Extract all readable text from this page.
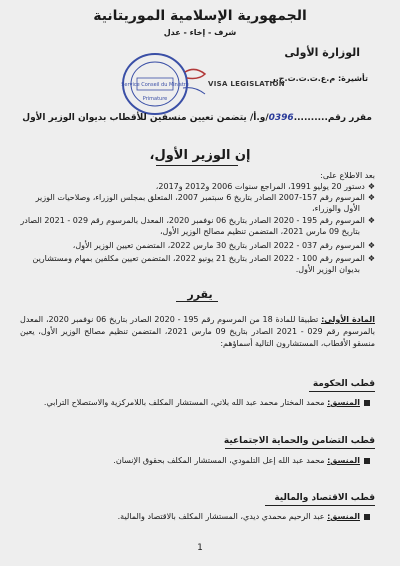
الجمهورية الإسلامية الموريتانية
شرف - إخاء - عدل
الوزارة الأولى
Service Conseil du Ministre
Primature
تأشيرة: م.ع.ت.ت.ت.ج.ر
VISA LEGISLATION
مقرر رقم..........0396/و.أ/ يتضمن تعيين منسقين للأقطاب بديوان الوزير الأول
إن الوزير الأول،
بعد الاطلاع على:
❖دستور 20 يوليو 1991، المراجع سنوات 2006 و2012 و2017،
❖المرسوم رقم 157-2007 الصادر بتاريخ 6 سبتمبر 2007، المتعلق بمجلس الوزراء، وصلاحيات الوزير
الأول والوزراء،
❖المرسوم رقم 195 - 2020 الصادر بتاريخ 06 نوفمبر 2020، المعدل بالمرسوم رقم 029 - 2021 الصادر
بتاريخ 09 مارس 2021، المتضمن تنظيم مصالح الوزير الأول،
❖المرسوم رقم 037 - 2022 الصادر بتاريخ 30 مارس 2022، المتضمن تعيين الوزير الأول،
❖المرسوم رقم 100 - 2022 الصادر بتاريخ 21 يونيو 2022، المتضمن تعيين مكلفين بمهام ومستشارين
بديوان الوزير الأول.
يقرر
المادة الأولى: تطبيقا للمادة 18 من المرسوم رقم 195 - 2020 الصادر بتاريخ 06 نوفمبر 2020، المعدل بالمرسوم رقم 029 - 2021 الصادر بتاريخ 09 مارس 2021، المتضمن تنظيم مصالح الوزير الأول، يعين منسقو الأقطاب، المستشارون التالية أسماؤهم:
قطب الحكومة
المنسق: محمد المختار محمد عبد الله بلاتي، المستشار المكلف باللامركزية والاستصلاح الترابي.
قطب التضامن والحماية الاجتماعية
المنسق: محمد عبد الله إعل التلمودي، المستشار المكلف بحقوق الإنسان.
قطب الاقتصاد والمالية
المنسق: عبد الرحيم محمدي ديدي، المستشار المكلف بالاقتصاد والمالية.
1
